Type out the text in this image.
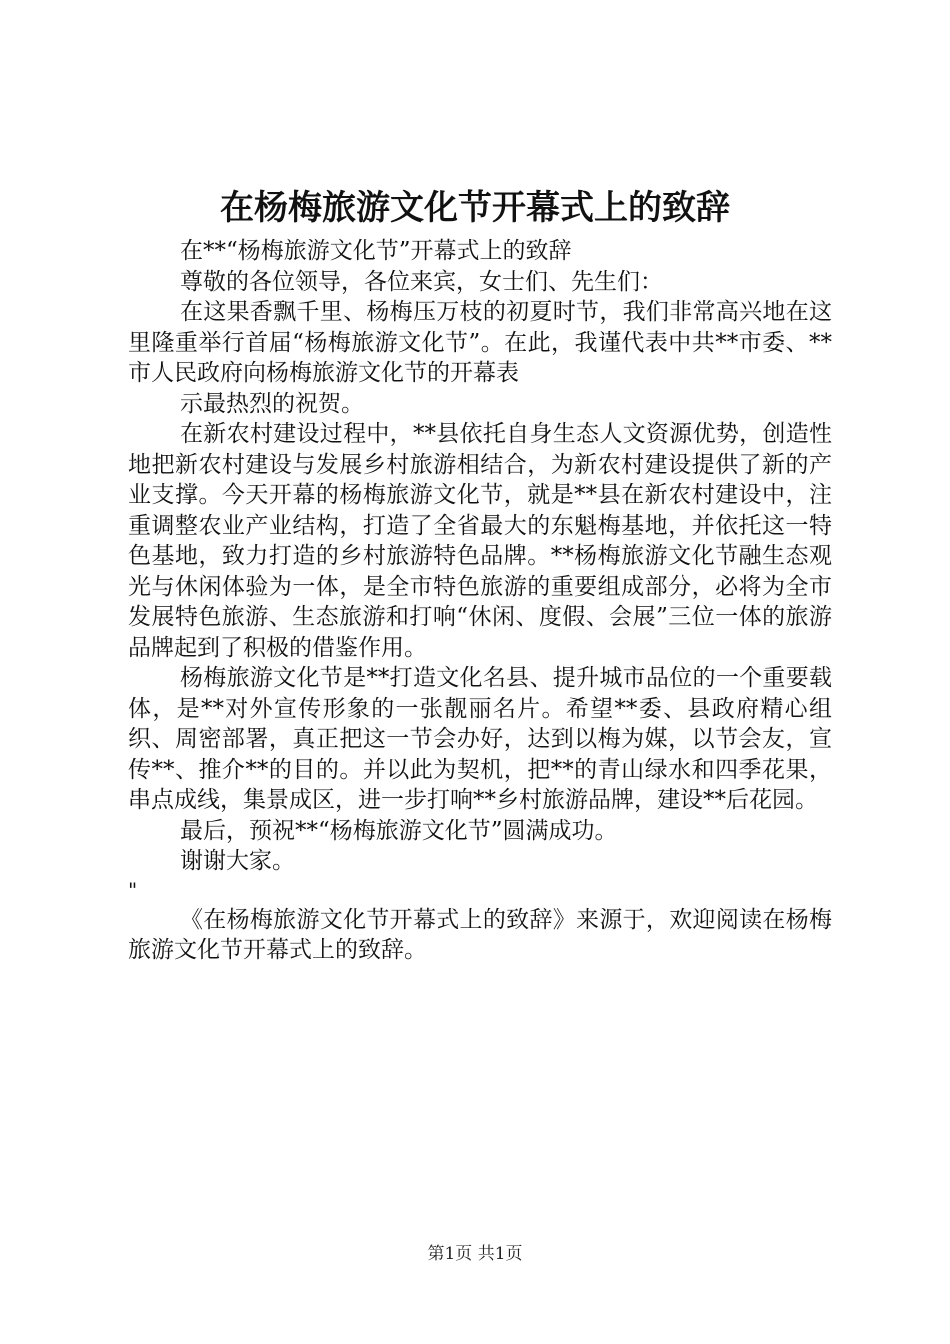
在杨梅旅游文化节开幕式上的致辞

在**“杨梅旅游文化节”开幕式上的致辞

尊敬的各位领导，各位来宾，女士们、先生们：

在这果香飘千里、杨梅压万枝的初夏时节，我们非常高兴地在这里隆重举行首届“杨梅旅游文化节”。在此，我谨代表中共**市委、**市人民政府向杨梅旅游文化节的开幕表

示最热烈的祝贺。

在新农村建设过程中，**县依托自身生态人文资源优势，创造性地把新农村建设与发展乡村旅游相结合，为新农村建设提供了新的产业支撑。今天开幕的杨梅旅游文化节，就是**县在新农村建设中，注重调整农业产业结构，打造了全省最大的东魁梅基地，并依托这一特色基地，致力打造的乡村旅游特色品牌。**杨梅旅游文化节融生态观光与休闲体验为一体，是全市特色旅游的重要组成部分，必将为全市发展特色旅游、生态旅游和打响“休闲、度假、会展”三位一体的旅游品牌起到了积极的借鉴作用。

杨梅旅游文化节是**打造文化名县、提升城市品位的一个重要载体，是**对外宣传形象的一张靓丽名片。希望**委、县政府精心组织、周密部署，真正把这一节会办好，达到以梅为媒，以节会友，宣传**、推介**的目的。并以此为契机，把**的青山绿水和四季花果，串点成线，集景成区，进一步打响**乡村旅游品牌，建设**后花园。

最后，预祝**“杨梅旅游文化节”圆满成功。

谢谢大家。

"

《在杨梅旅游文化节开幕式上的致辞》来源于，欢迎阅读在杨梅旅游文化节开幕式上的致辞。

第1页 共1页
